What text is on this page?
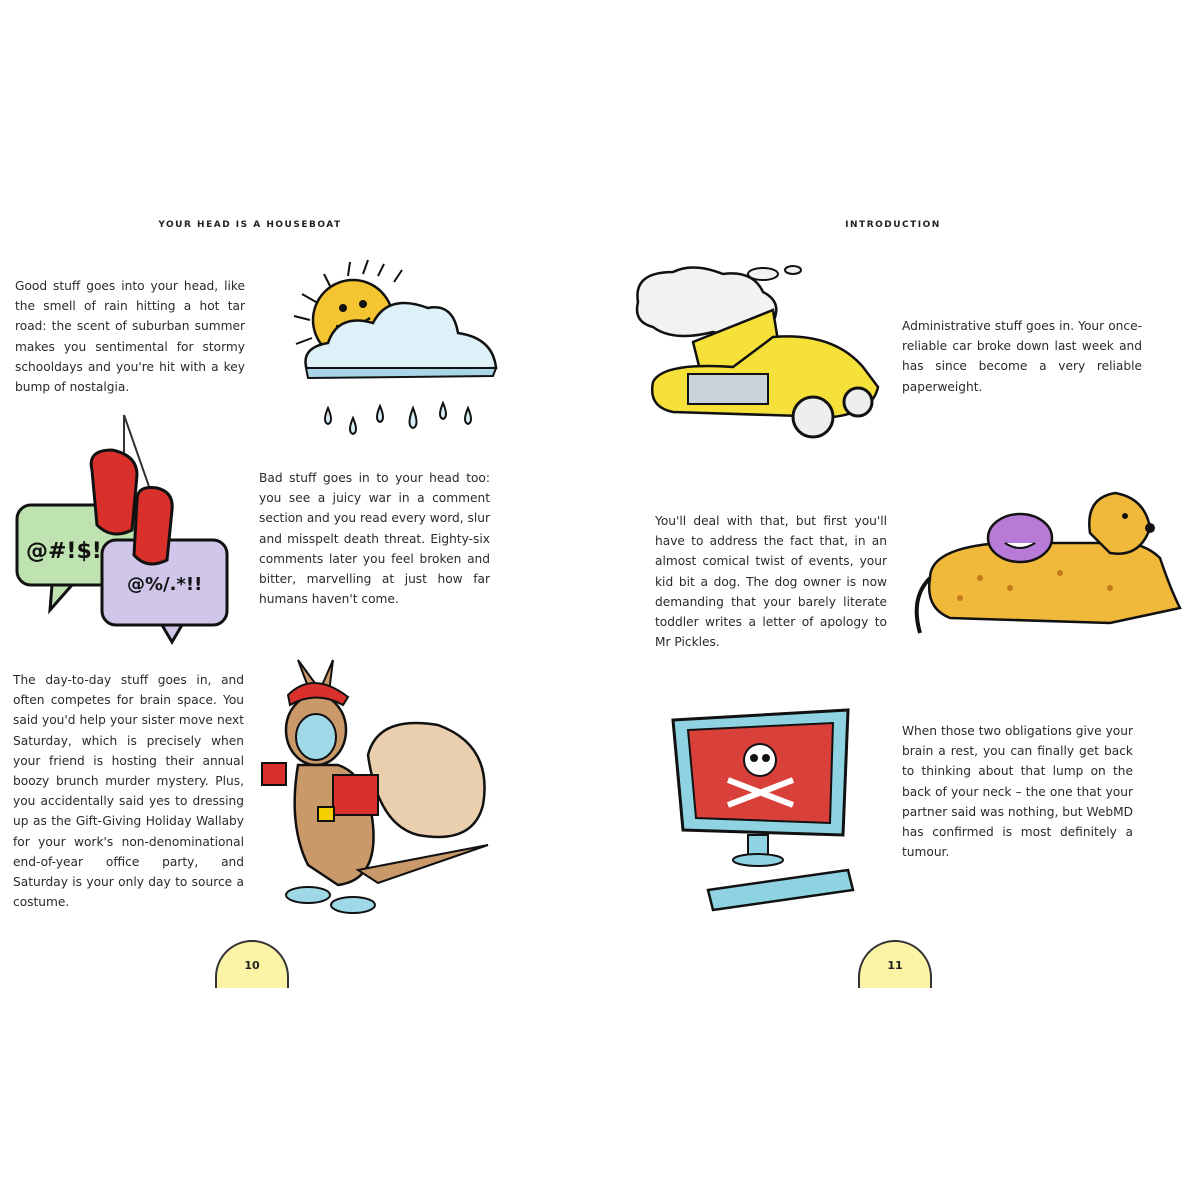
YOUR HEAD IS A HOUSEBOAT
Good stuff goes into your head, like the smell of rain hitting a hot tar road: the scent of suburban summer makes you sentimental for stormy schooldays and you're hit with a key bump of nostalgia.
@#!$!
@%/.*!!
Bad stuff goes in to your head too: you see a juicy war in a comment section and you read every word, slur and misspelt death threat. Eighty-six comments later you feel broken and bitter, marvelling at just how far humans haven't come.
The day-to-day stuff goes in, and often competes for brain space. You said you'd help your sister move next Saturday, which is precisely when your friend is hosting their annual boozy brunch murder mystery. Plus, you accidentally said yes to dressing up as the Gift-Giving Holiday Wallaby for your work's non-denominational end-of-year office party, and Saturday is your only day to source a costume.
10
INTRODUCTION
Administrative stuff goes in. Your once-reliable car broke down last week and has since become a very reliable paperweight.
You'll deal with that, but first you'll have to address the fact that, in an almost comical twist of events, your kid bit a dog. The dog owner is now demanding that your barely literate toddler writes a letter of apology to Mr Pickles.
When those two obligations give your brain a rest, you can finally get back to thinking about that lump on the back of your neck – the one that your partner said was nothing, but WebMD has confirmed is most definitely a tumour.
11
